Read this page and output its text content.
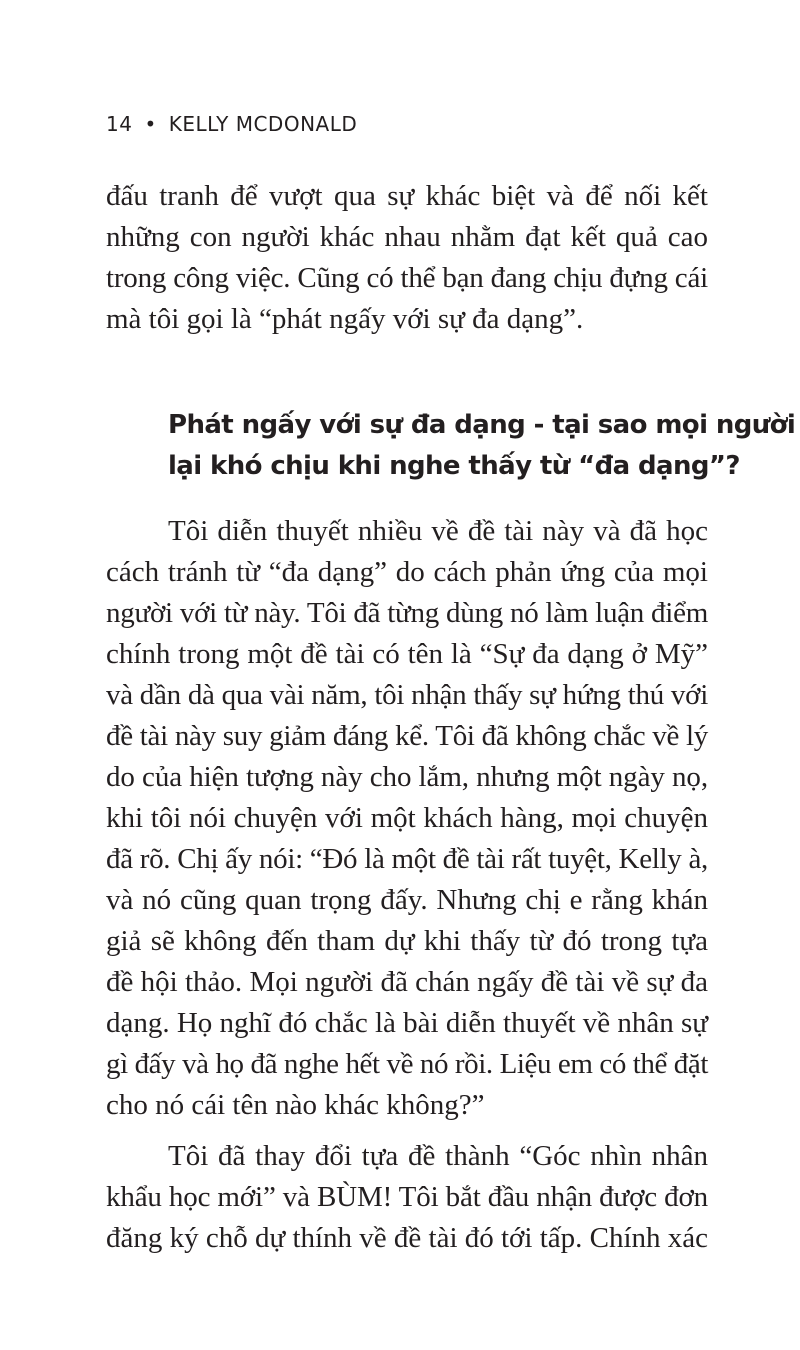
14 • KELLY MCDONALD
đấu tranh để vượt qua sự khác biệt và để nối kết
những con người khác nhau nhằm đạt kết quả cao
trong công việc. Cũng có thể bạn đang chịu đựng cái
mà tôi gọi là “phát ngấy với sự đa dạng”.
Phát ngấy với sự đa dạng - tại sao mọi người
lại khó chịu khi nghe thấy từ “đa dạng”?
Tôi diễn thuyết nhiều về đề tài này và đã học
cách tránh từ “đa dạng” do cách phản ứng của mọi
người với từ này. Tôi đã từng dùng nó làm luận điểm
chính trong một đề tài có tên là “Sự đa dạng ở Mỹ”
và dần dà qua vài năm, tôi nhận thấy sự hứng thú với
đề tài này suy giảm đáng kể. Tôi đã không chắc về lý
do của hiện tượng này cho lắm, nhưng một ngày nọ,
khi tôi nói chuyện với một khách hàng, mọi chuyện
đã rõ. Chị ấy nói: “Đó là một đề tài rất tuyệt, Kelly à,
và nó cũng quan trọng đấy. Nhưng chị e rằng khán
giả sẽ không đến tham dự khi thấy từ đó trong tựa
đề hội thảo. Mọi người đã chán ngấy đề tài về sự đa
dạng. Họ nghĩ đó chắc là bài diễn thuyết về nhân sự
gì đấy và họ đã nghe hết về nó rồi. Liệu em có thể đặt
cho nó cái tên nào khác không?”
Tôi đã thay đổi tựa đề thành “Góc nhìn nhân
khẩu học mới” và BÙM! Tôi bắt đầu nhận được đơn
đăng ký chỗ dự thính về đề tài đó tới tấp. Chính xác
